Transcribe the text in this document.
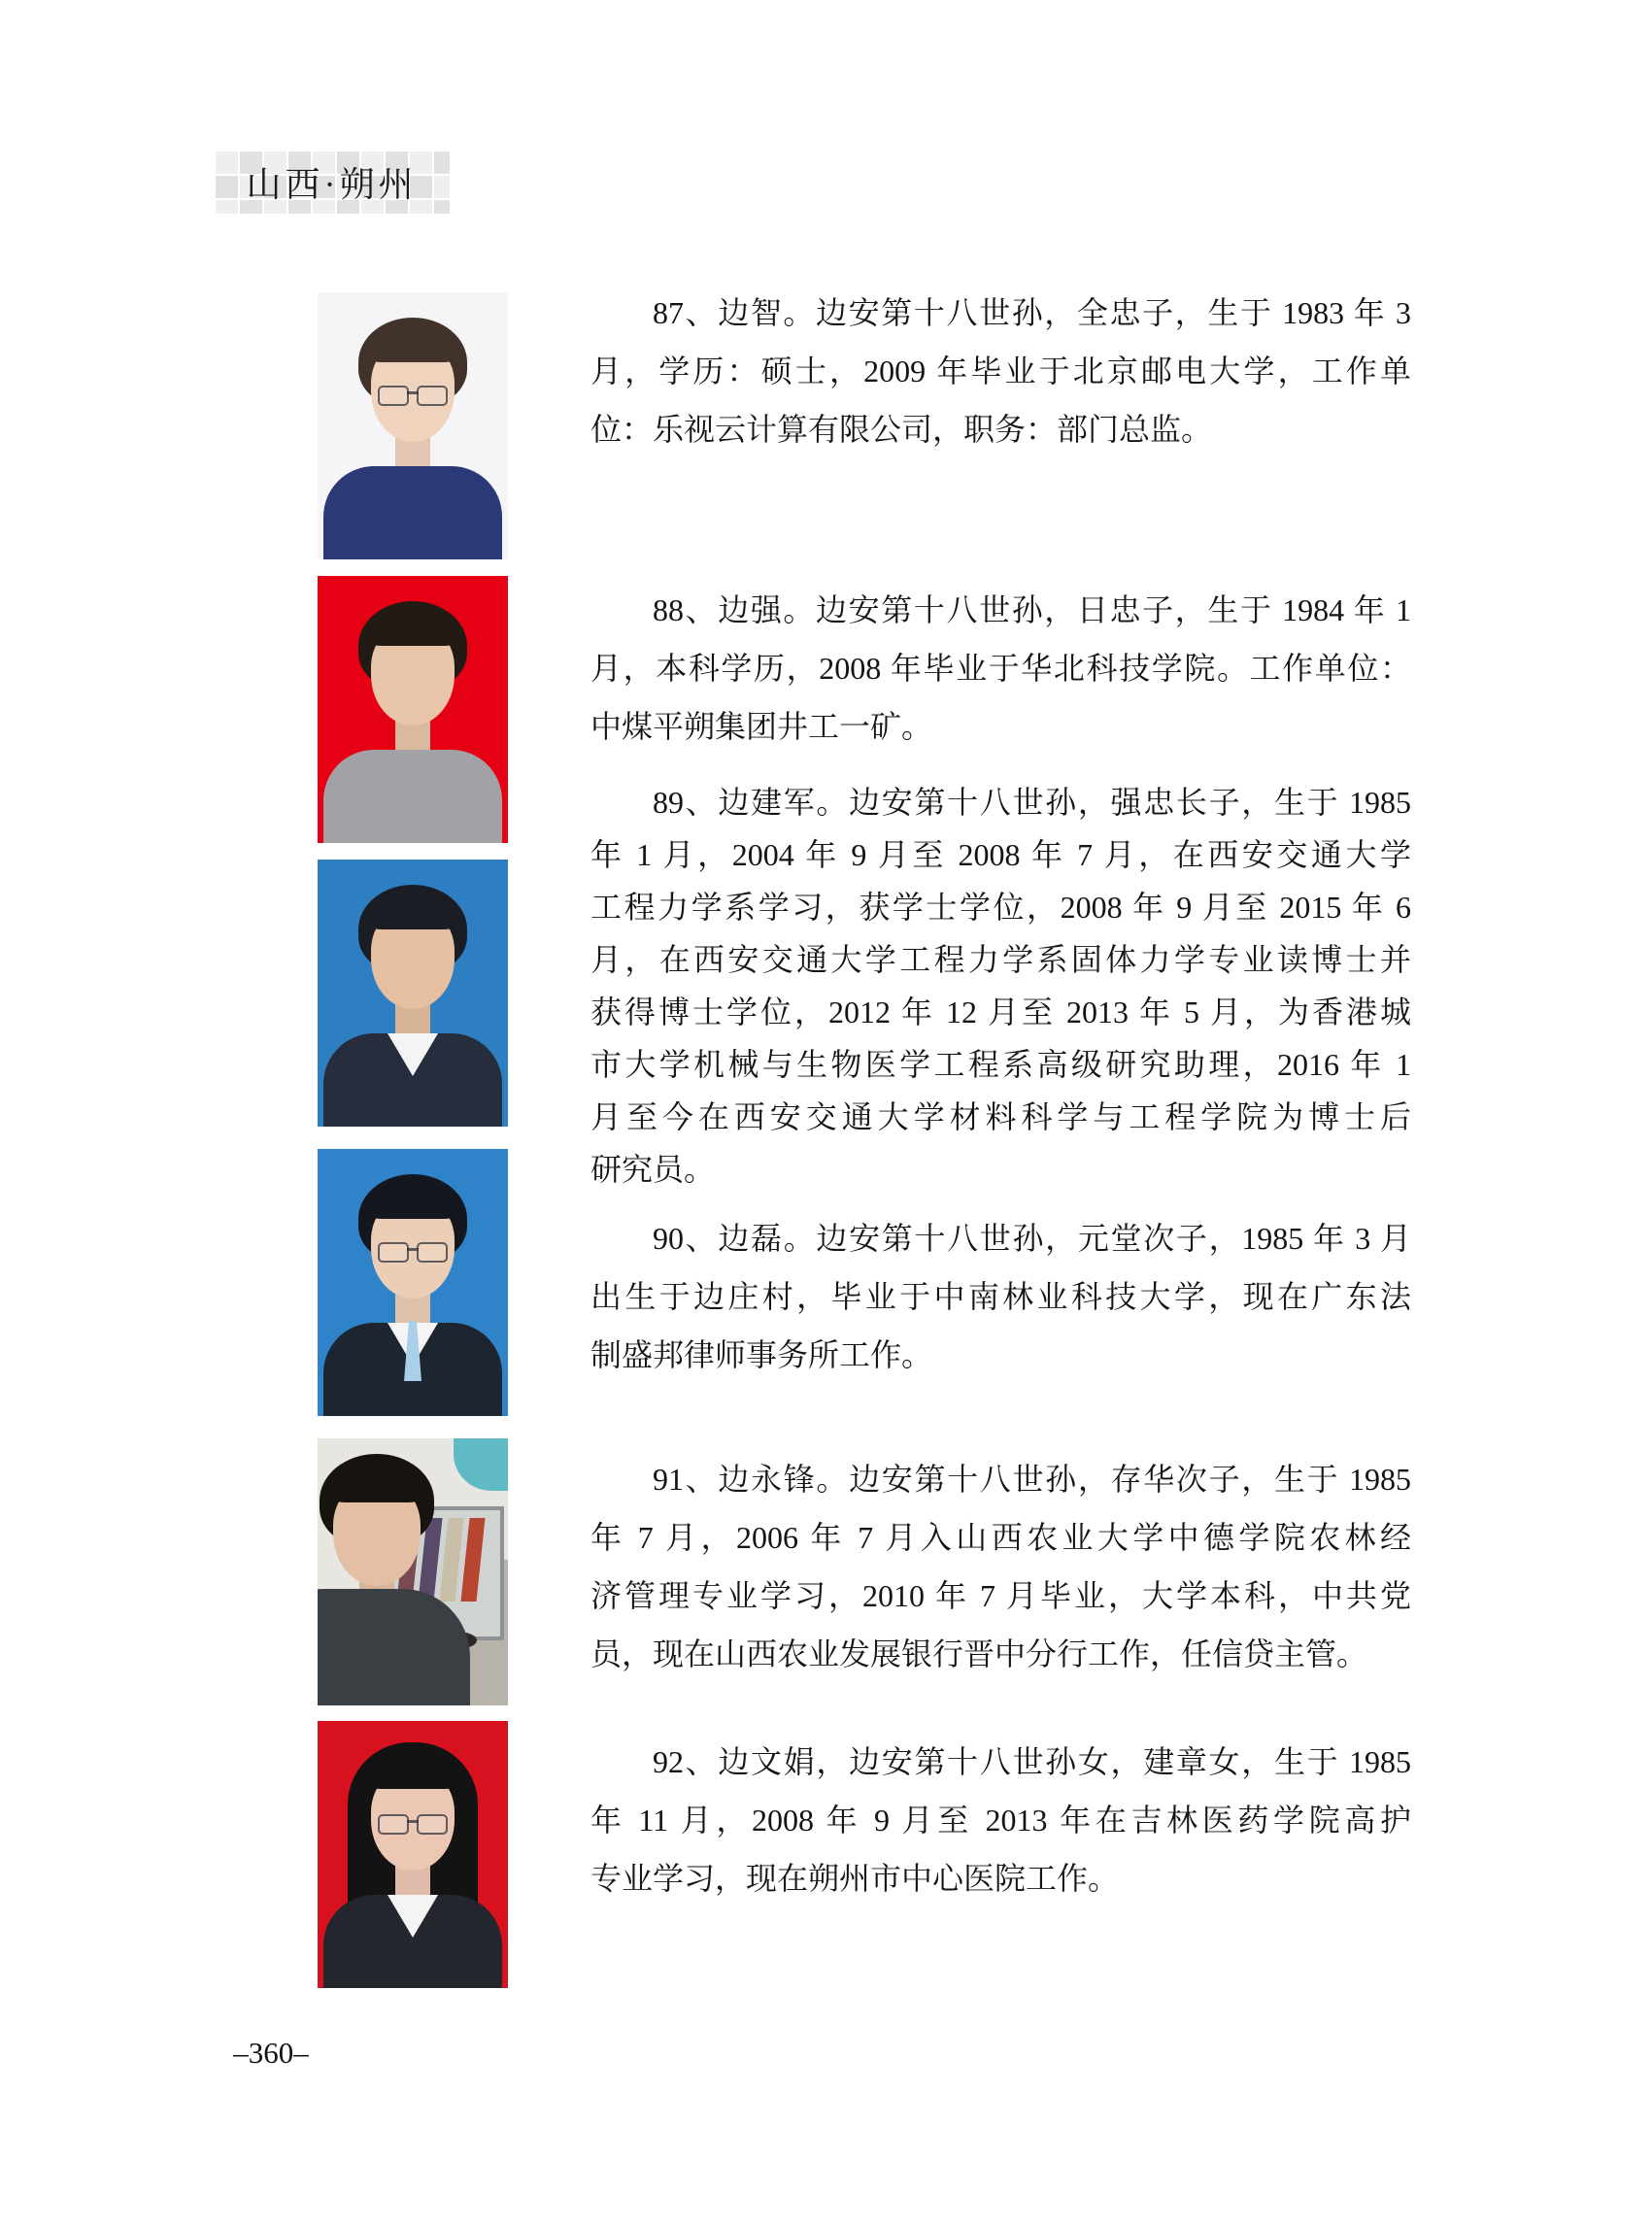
山西·朔州
87、边智。边安第十八世孙，全忠子，生于 1983 年 3
月，学历：硕士，2009 年毕业于北京邮电大学，工作单
位：乐视云计算有限公司，职务：部门总监。
88、边强。边安第十八世孙，日忠子，生于 1984 年 1
月，本科学历，2008 年毕业于华北科技学院。工作单位：
中煤平朔集团井工一矿。
89、边建军。边安第十八世孙，强忠长子，生于 1985
年 1 月，2004 年 9 月至 2008 年 7 月，在西安交通大学
工程力学系学习，获学士学位，2008 年 9 月至 2015 年 6
月，在西安交通大学工程力学系固体力学专业读博士并
获得博士学位，2012 年 12 月至 2013 年 5 月，为香港城
市大学机械与生物医学工程系高级研究助理，2016 年 1
月至今在西安交通大学材料科学与工程学院为博士后
研究员。
90、边磊。边安第十八世孙，元堂次子，1985 年 3 月
出生于边庄村，毕业于中南林业科技大学，现在广东法
制盛邦律师事务所工作。
91、边永锋。边安第十八世孙，存华次子，生于 1985
年 7 月，2006 年 7 月入山西农业大学中德学院农林经
济管理专业学习，2010 年 7 月毕业，大学本科，中共党
员，现在山西农业发展银行晋中分行工作，任信贷主管。
92、边文娟，边安第十八世孙女，建章女，生于 1985
年 11 月，2008 年 9 月至 2013 年在吉林医药学院高护
专业学习，现在朔州市中心医院工作。
–360–
